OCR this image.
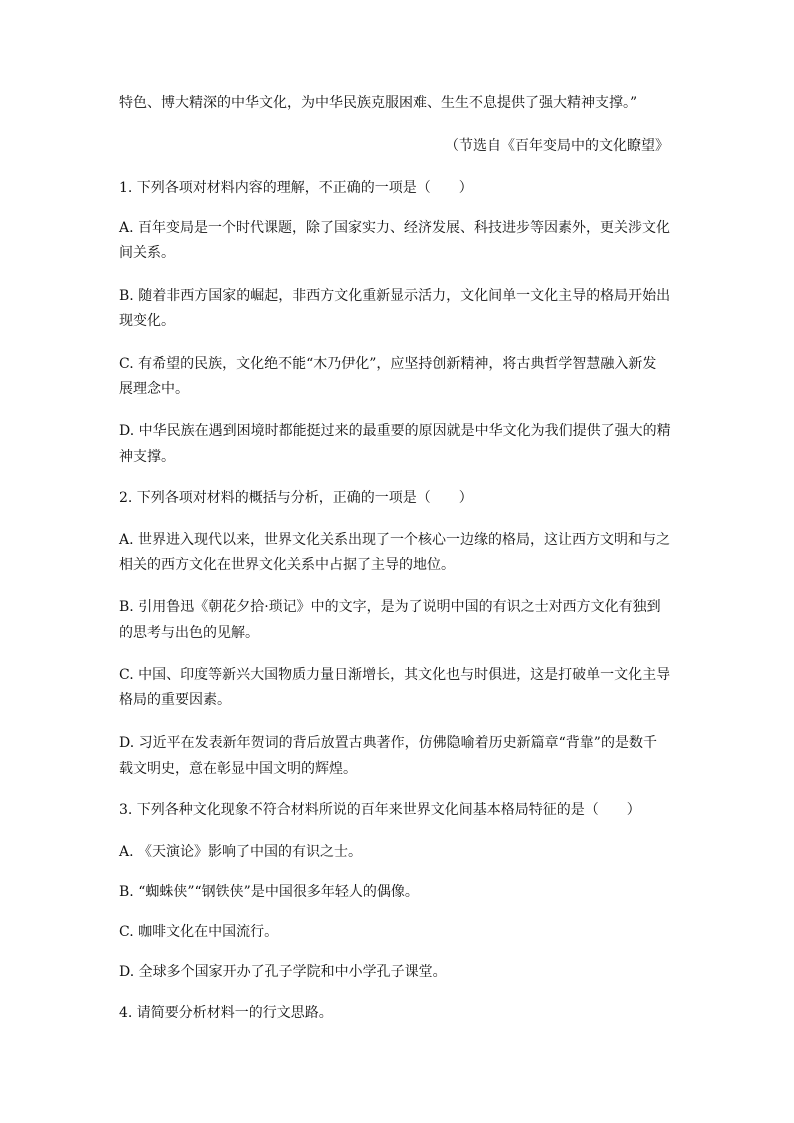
特色、博大精深的中华文化，为中华民族克服困难、生生不息提供了强大精神支撑。”

（节选自《百年变局中的文化瞭望》

1. 下列各项对材料内容的理解，不正确的一项是（　　）

A. 百年变局是一个时代课题，除了国家实力、经济发展、科技进步等因素外，更关涉文化

间关系。

B. 随着非西方国家的崛起，非西方文化重新显示活力，文化间单一文化主导的格局开始出

现变化。

C. 有希望的民族，文化绝不能“木乃伊化”，应坚持创新精神，将古典哲学智慧融入新发

展理念中。

D. 中华民族在遇到困境时都能挺过来的最重要的原因就是中华文化为我们提供了强大的精

神支撑。

2. 下列各项对材料的概括与分析，正确的一项是（　　）

A. 世界进入现代以来，世界文化关系出现了一个核心一边缘的格局，这让西方文明和与之

相关的西方文化在世界文化关系中占据了主导的地位。

B. 引用鲁迅《朝花夕拾·琐记》中的文字，是为了说明中国的有识之士对西方文化有独到

的思考与出色的见解。

C. 中国、印度等新兴大国物质力量日渐增长，其文化也与时俱进，这是打破单一文化主导

格局的重要因素。

D. 习近平在发表新年贺词的背后放置古典著作，仿佛隐喻着历史新篇章“背靠”的是数千

载文明史，意在彰显中国文明的辉煌。

3. 下列各种文化现象不符合材料所说的百年来世界文化间基本格局特征的是（　　）

A. 《天演论》影响了中国的有识之士。

B. “蜘蛛侠”“钢铁侠”是中国很多年轻人的偶像。

C. 咖啡文化在中国流行。

D. 全球多个国家开办了孔子学院和中小学孔子课堂。

4. 请简要分析材料一的行文思路。
